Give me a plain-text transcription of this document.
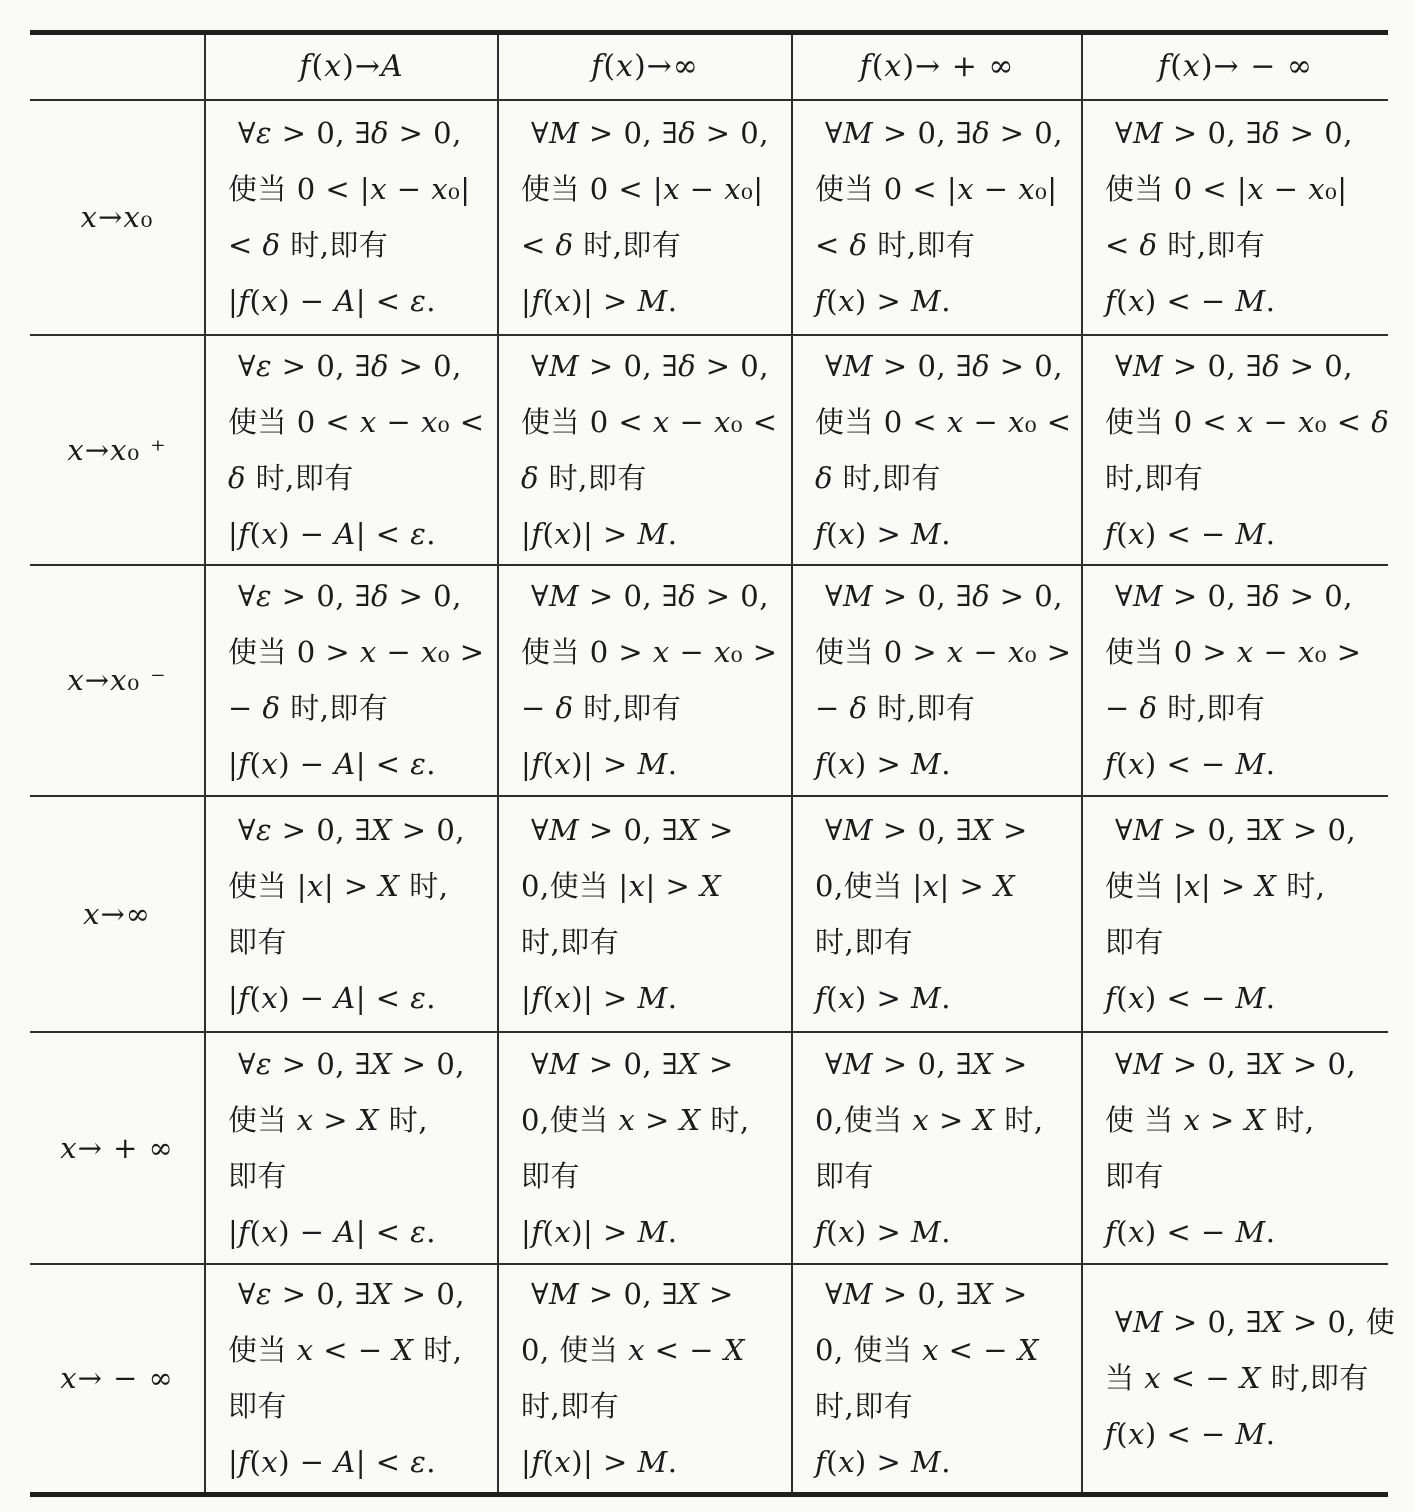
	f(x)→A	f(x)→∞	f(x)→ + ∞	f(x)→ − ∞
x→x₀	
∀ε > 0, ∃δ > 0,
使当 0 < |x − x₀|
< δ 时,即有
|f(x) − A| < ε.

∀M > 0, ∃δ > 0,
使当 0 < |x − x₀|
< δ 时,即有
|f(x)| > M.

∀M > 0, ∃δ > 0,
使当 0 < |x − x₀|
< δ 时,即有
f(x) > M.

∀M > 0, ∃δ > 0,
使当 0 < |x − x₀|
< δ 时,即有
f(x) < − M.

x→x₀ ⁺	
∀ε > 0, ∃δ > 0,
使当 0 < x − x₀ <
δ 时,即有
|f(x) − A| < ε.

∀M > 0, ∃δ > 0,
使当 0 < x − x₀ <
δ 时,即有
|f(x)| > M.

∀M > 0, ∃δ > 0,
使当 0 < x − x₀ <
δ 时,即有
f(x) > M.

∀M > 0, ∃δ > 0,
使当 0 < x − x₀ < δ
时,即有
f(x) < − M.

x→x₀ ⁻	
∀ε > 0, ∃δ > 0,
使当 0 > x − x₀ >
− δ 时,即有
|f(x) − A| < ε.

∀M > 0, ∃δ > 0,
使当 0 > x − x₀ >
− δ 时,即有
|f(x)| > M.

∀M > 0, ∃δ > 0,
使当 0 > x − x₀ >
− δ 时,即有
f(x) > M.

∀M > 0, ∃δ > 0,
使当 0 > x − x₀ >
− δ 时,即有
f(x) < − M.

x→∞	
∀ε > 0, ∃X > 0,
使当 |x| > X 时,
即有
|f(x) − A| < ε.

∀M > 0, ∃X >
0,使当 |x| > X
时,即有
|f(x)| > M.

∀M > 0, ∃X >
0,使当 |x| > X
时,即有
f(x) > M.

∀M > 0, ∃X > 0,
使当 |x| > X 时,
即有
f(x) < − M.

x→ + ∞	
∀ε > 0, ∃X > 0,
使当 x > X 时,
即有
|f(x) − A| < ε.

∀M > 0, ∃X >
0,使当 x > X 时,
即有
|f(x)| > M.

∀M > 0, ∃X >
0,使当 x > X 时,
即有
f(x) > M.

∀M > 0, ∃X > 0,
使 当 x > X 时,
即有
f(x) < − M.

x→ − ∞	
∀ε > 0, ∃X > 0,
使当 x < − X 时,
即有
|f(x) − A| < ε.

∀M > 0, ∃X >
0, 使当 x < − X
时,即有
|f(x)| > M.

∀M > 0, ∃X >
0, 使当 x < − X
时,即有
f(x) > M.

∀M > 0, ∃X > 0, 使
当 x < − X 时,即有
f(x) < − M.
